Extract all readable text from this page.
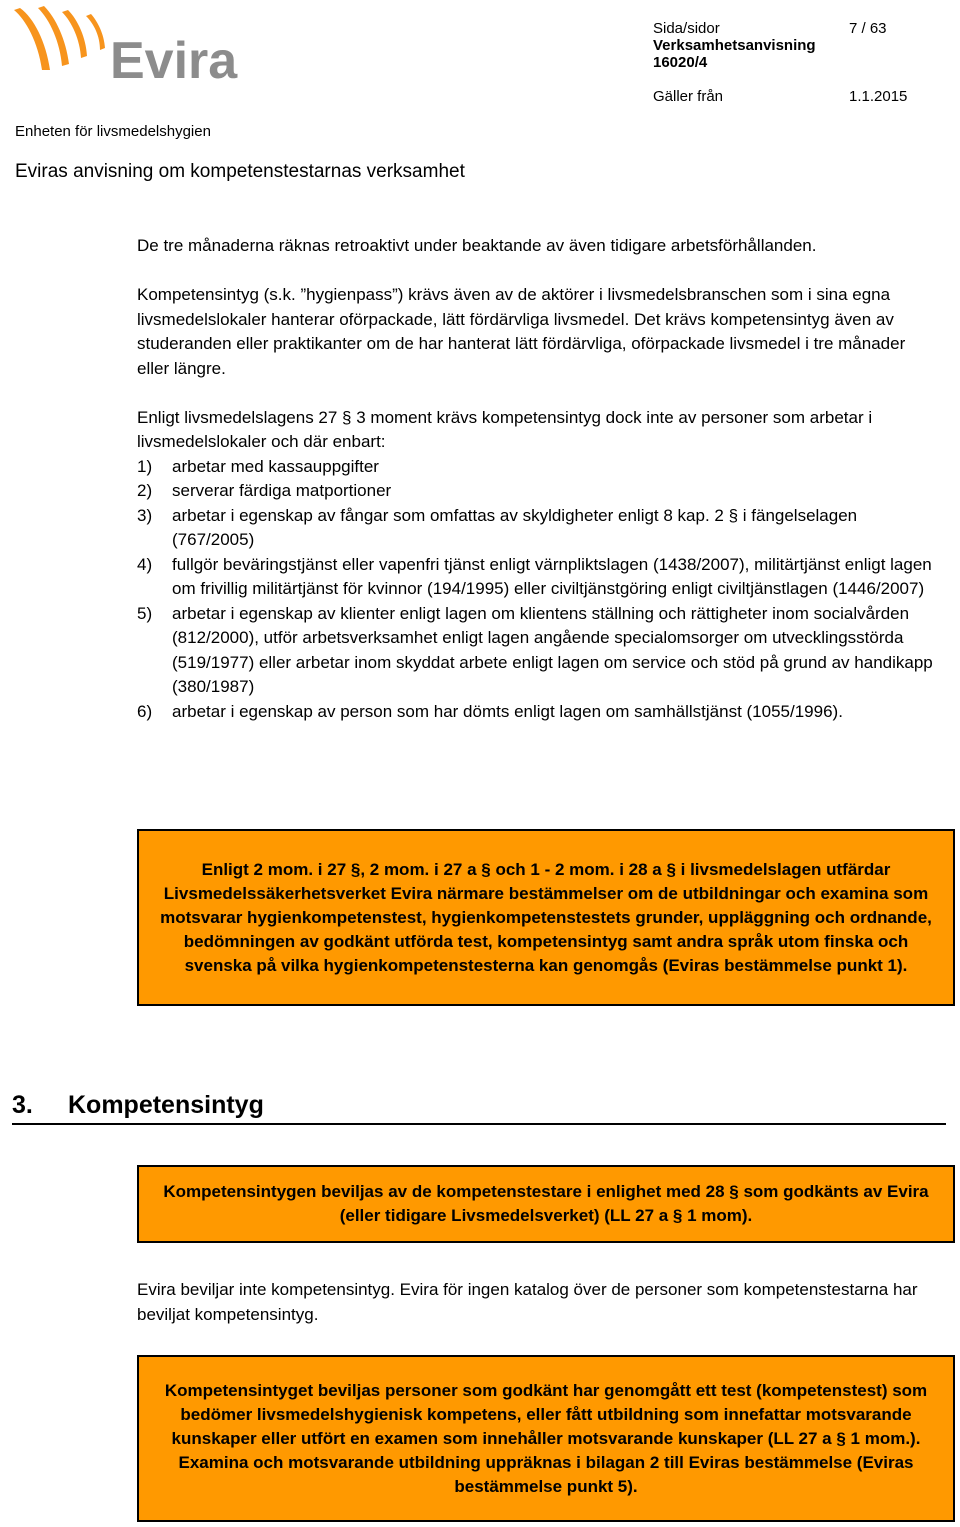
Evira
Sida/sidor	7 / 63
Verksamhetsanvisning
16020/4
Gäller från	1.1.2015
Enheten för livsmedelshygien
Eviras anvisning om kompetenstestarnas verksamhet

De tre månaderna räknas retroaktivt under beaktande av även tidigare arbetsförhållanden.

Kompetensintyg (s.k. ”hygienpass”) krävs även av de aktörer i livsmedelsbranschen som i sina egna livsmedelslokaler hanterar oförpackade, lätt fördärvliga livsmedel. Det krävs kompetensintyg även av studeranden eller praktikanter om de har hanterat lätt fördärvliga, oförpackade livsmedel i tre månader eller längre.

Enligt livsmedelslagens 27 § 3 moment krävs kompetensintyg dock inte av personer som arbetar i livsmedelslokaler och där enbart:

1) arbetar med kassauppgifter
2) serverar färdiga matportioner
3) arbetar i egenskap av fångar som omfattas av skyldigheter enligt 8 kap. 2 § i fängelselagen (767/2005)
4) fullgör beväringstjänst eller vapenfri tjänst enligt värnpliktslagen (1438/2007), militärtjänst enligt lagen om frivillig militärtjänst för kvinnor (194/1995) eller civiltjänstgöring enligt civiltjänstlagen (1446/2007)
5) arbetar i egenskap av klienter enligt lagen om klientens ställning och rättigheter inom socialvården (812/2000), utför arbetsverksamhet enligt lagen angående specialomsorger om utvecklingsstörda (519/1977) eller arbetar inom skyddat arbete enligt lagen om service och stöd på grund av handikapp (380/1987)
6) arbetar i egenskap av person som har dömts enligt lagen om samhällstjänst (1055/1996).
Enligt 2 mom. i 27 §, 2 mom. i 27 a § och 1 - 2 mom. i 28 a § i livsmedelslagen utfärdar Livsmedelssäkerhetsverket Evira närmare bestämmelser om de utbildningar och examina som motsvarar hygienkompetenstest, hygienkompetenstestets grunder, uppläggning och ordnande, bedömningen av godkänt utförda test, kompetensintyg samt andra språk utom finska och svenska på vilka hygienkompetenstesterna kan genomgås (Eviras bestämmelse punkt 1).
3. Kompetensintyg
Kompetensintygen beviljas av de kompetenstestare i enlighet med 28 § som godkänts av Evira (eller tidigare Livsmedelsverket) (LL 27 a § 1 mom).

Evira beviljar inte kompetensintyg. Evira för ingen katalog över de personer som kompetenstestarna har beviljat kompetensintyg.

Kompetensintyget beviljas personer som godkänt har genomgått ett test (kompetenstest) som bedömer livsmedelshygienisk kompetens, eller fått utbildning som innefattar motsvarande kunskaper eller utfört en examen som innehåller motsvarande kunskaper (LL 27 a § 1 mom.). Examina och motsvarande utbildning uppräknas i bilagan 2 till Eviras bestämmelse (Eviras bestämmelse punkt 5).
